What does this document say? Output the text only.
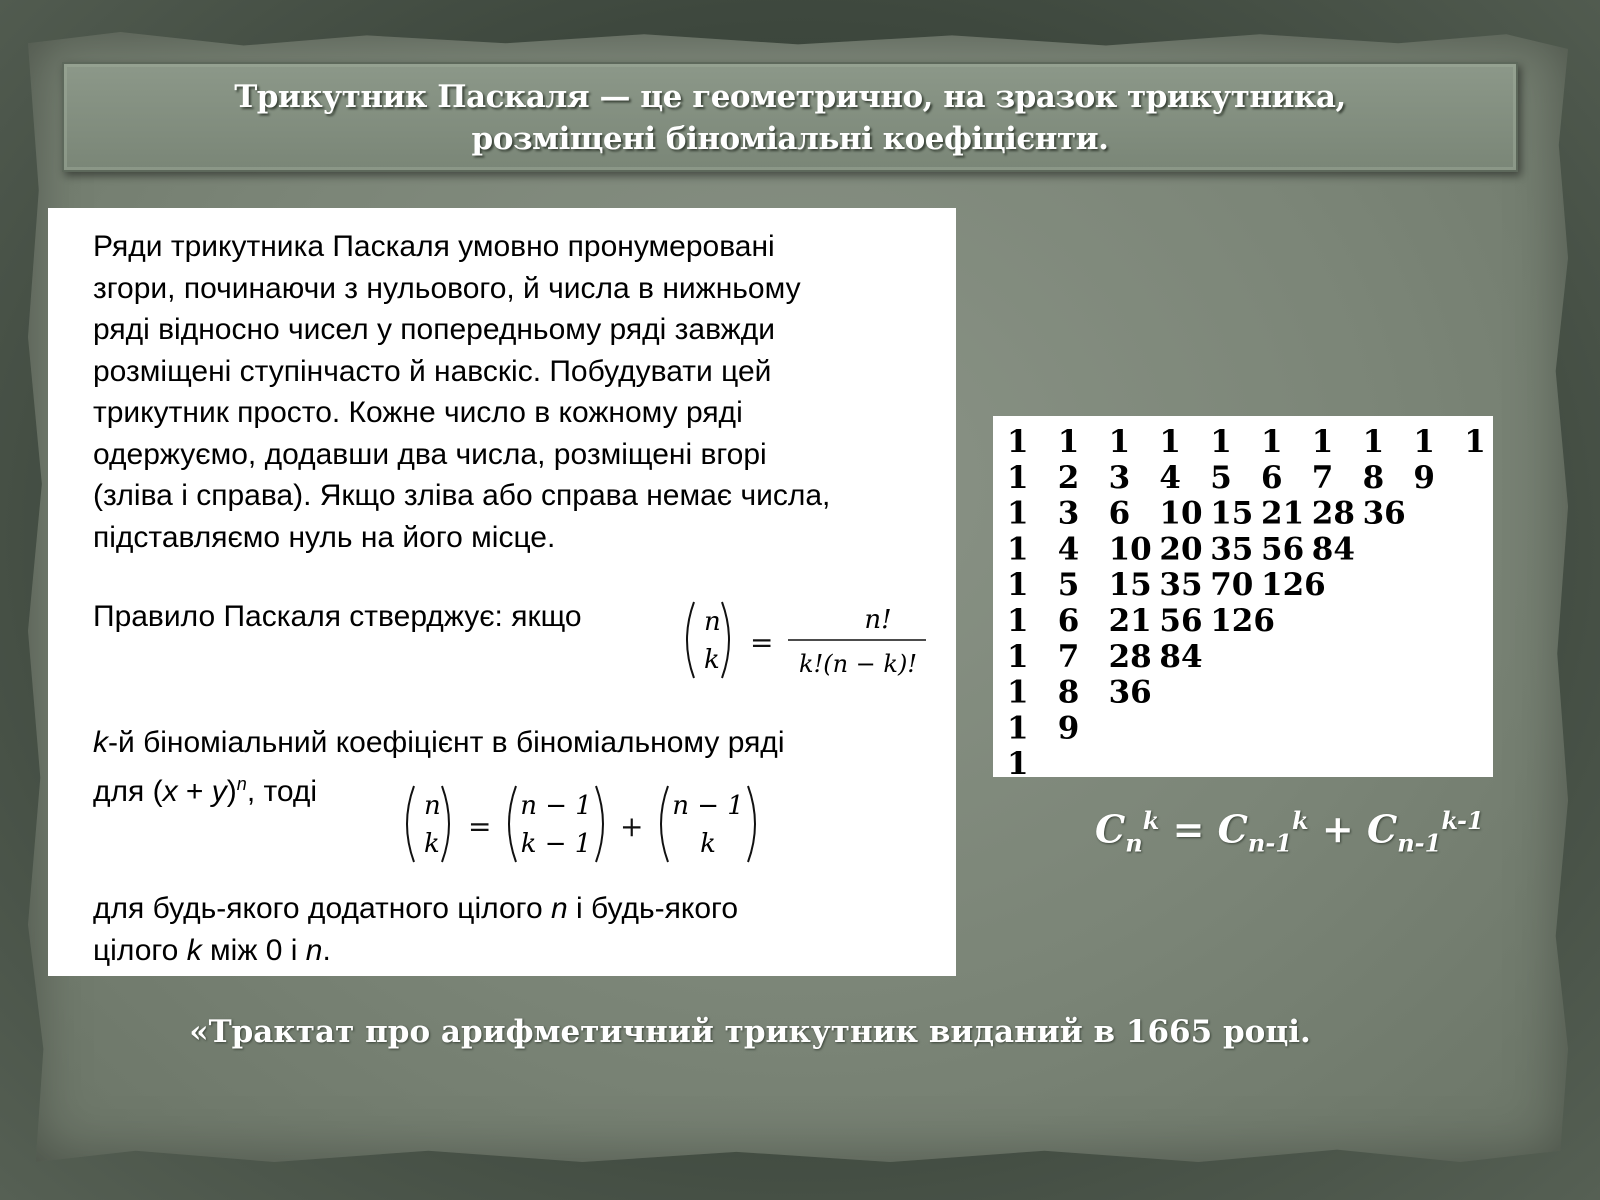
Трикутник Паскаля — це геометрично, на зразок трикутника,
розміщені біноміальні коефіцієнти.
Ряди трикутника Паскаля умовно пронумеровані
згори, починаючи з нульового, й числа в нижньому
ряді відносно чисел у попередньому ряді завжди
розміщені ступінчасто й навскіс. Побудувати цей
трикутник просто. Кожне число в кожному ряді
одержуємо, додавши два числа, розміщені вгорі
(зліва і справа). Якщо зліва або справа немає числа,
підставляємо нуль на його місце.
Правило Паскаля стверджує: якщо	n
k
=
n!
k!(n − k)!
k-й біноміальний коефіцієнт в біноміальному ряді
для $(x + y)^n$, тоді	n
k
=
n − 1
k − 1
+
n − 1
k
для будь-якого додатного цілого n і будь-якого
цілого k між 0 і n.
1 1 1 1 1 1 1 1 1 1
1 2 3 4 5 6 7 8 9
1 3 6 10 15 21 28 36
1 4 10 20 35 56 84
1 5 15 35 70 126
1 6 21 56 126
1 7 28 84
1 8 36
1 9
1
$C_n^k = C_{n-1}^k + C_{n-1}^{k-1}$
«Трактат про арифметичний трикутник виданий в 1665 році.
